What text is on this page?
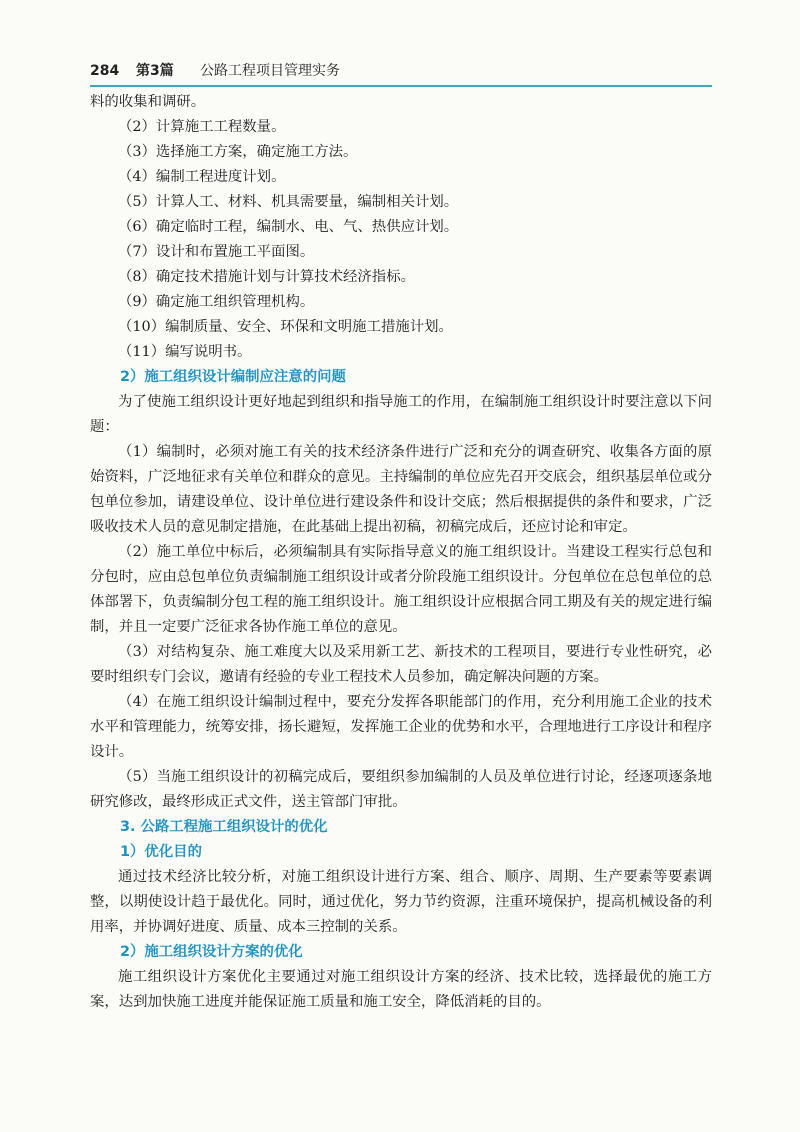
284 第3篇 公路工程项目管理实务

料的收集和调研。

（2）计算施工工程数量。

（3）选择施工方案，确定施工方法。

（4）编制工程进度计划。

（5）计算人工、材料、机具需要量，编制相关计划。

（6）确定临时工程，编制水、电、气、热供应计划。

（7）设计和布置施工平面图。

（8）确定技术措施计划与计算技术经济指标。

（9）确定施工组织管理机构。

（10）编制质量、安全、环保和文明施工措施计划。

（11）编写说明书。

2）施工组织设计编制应注意的问题

为了使施工组织设计更好地起到组织和指导施工的作用，在编制施工组织设计时要注意以下问题：

（1）编制时，必须对施工有关的技术经济条件进行广泛和充分的调查研究、收集各方面的原始资料，广泛地征求有关单位和群众的意见。主持编制的单位应先召开交底会，组织基层单位或分包单位参加，请建设单位、设计单位进行建设条件和设计交底；然后根据提供的条件和要求，广泛吸收技术人员的意见制定措施，在此基础上提出初稿，初稿完成后，还应讨论和审定。

（2）施工单位中标后，必须编制具有实际指导意义的施工组织设计。当建设工程实行总包和分包时，应由总包单位负责编制施工组织设计或者分阶段施工组织设计。分包单位在总包单位的总体部署下，负责编制分包工程的施工组织设计。施工组织设计应根据合同工期及有关的规定进行编制，并且一定要广泛征求各协作施工单位的意见。

（3）对结构复杂、施工难度大以及采用新工艺、新技术的工程项目，要进行专业性研究，必要时组织专门会议，邀请有经验的专业工程技术人员参加，确定解决问题的方案。

（4）在施工组织设计编制过程中，要充分发挥各职能部门的作用，充分利用施工企业的技术水平和管理能力，统筹安排，扬长避短，发挥施工企业的优势和水平，合理地进行工序设计和程序设计。

（5）当施工组织设计的初稿完成后，要组织参加编制的人员及单位进行讨论，经逐项逐条地研究修改，最终形成正式文件，送主管部门审批。

3. 公路工程施工组织设计的优化

1）优化目的

通过技术经济比较分析，对施工组织设计进行方案、组合、顺序、周期、生产要素等要素调整，以期使设计趋于最优化。同时，通过优化，努力节约资源，注重环境保护，提高机械设备的利用率，并协调好进度、质量、成本三控制的关系。

2）施工组织设计方案的优化

施工组织设计方案优化主要通过对施工组织设计方案的经济、技术比较，选择最优的施工方案，达到加快施工进度并能保证施工质量和施工安全，降低消耗的目的。
